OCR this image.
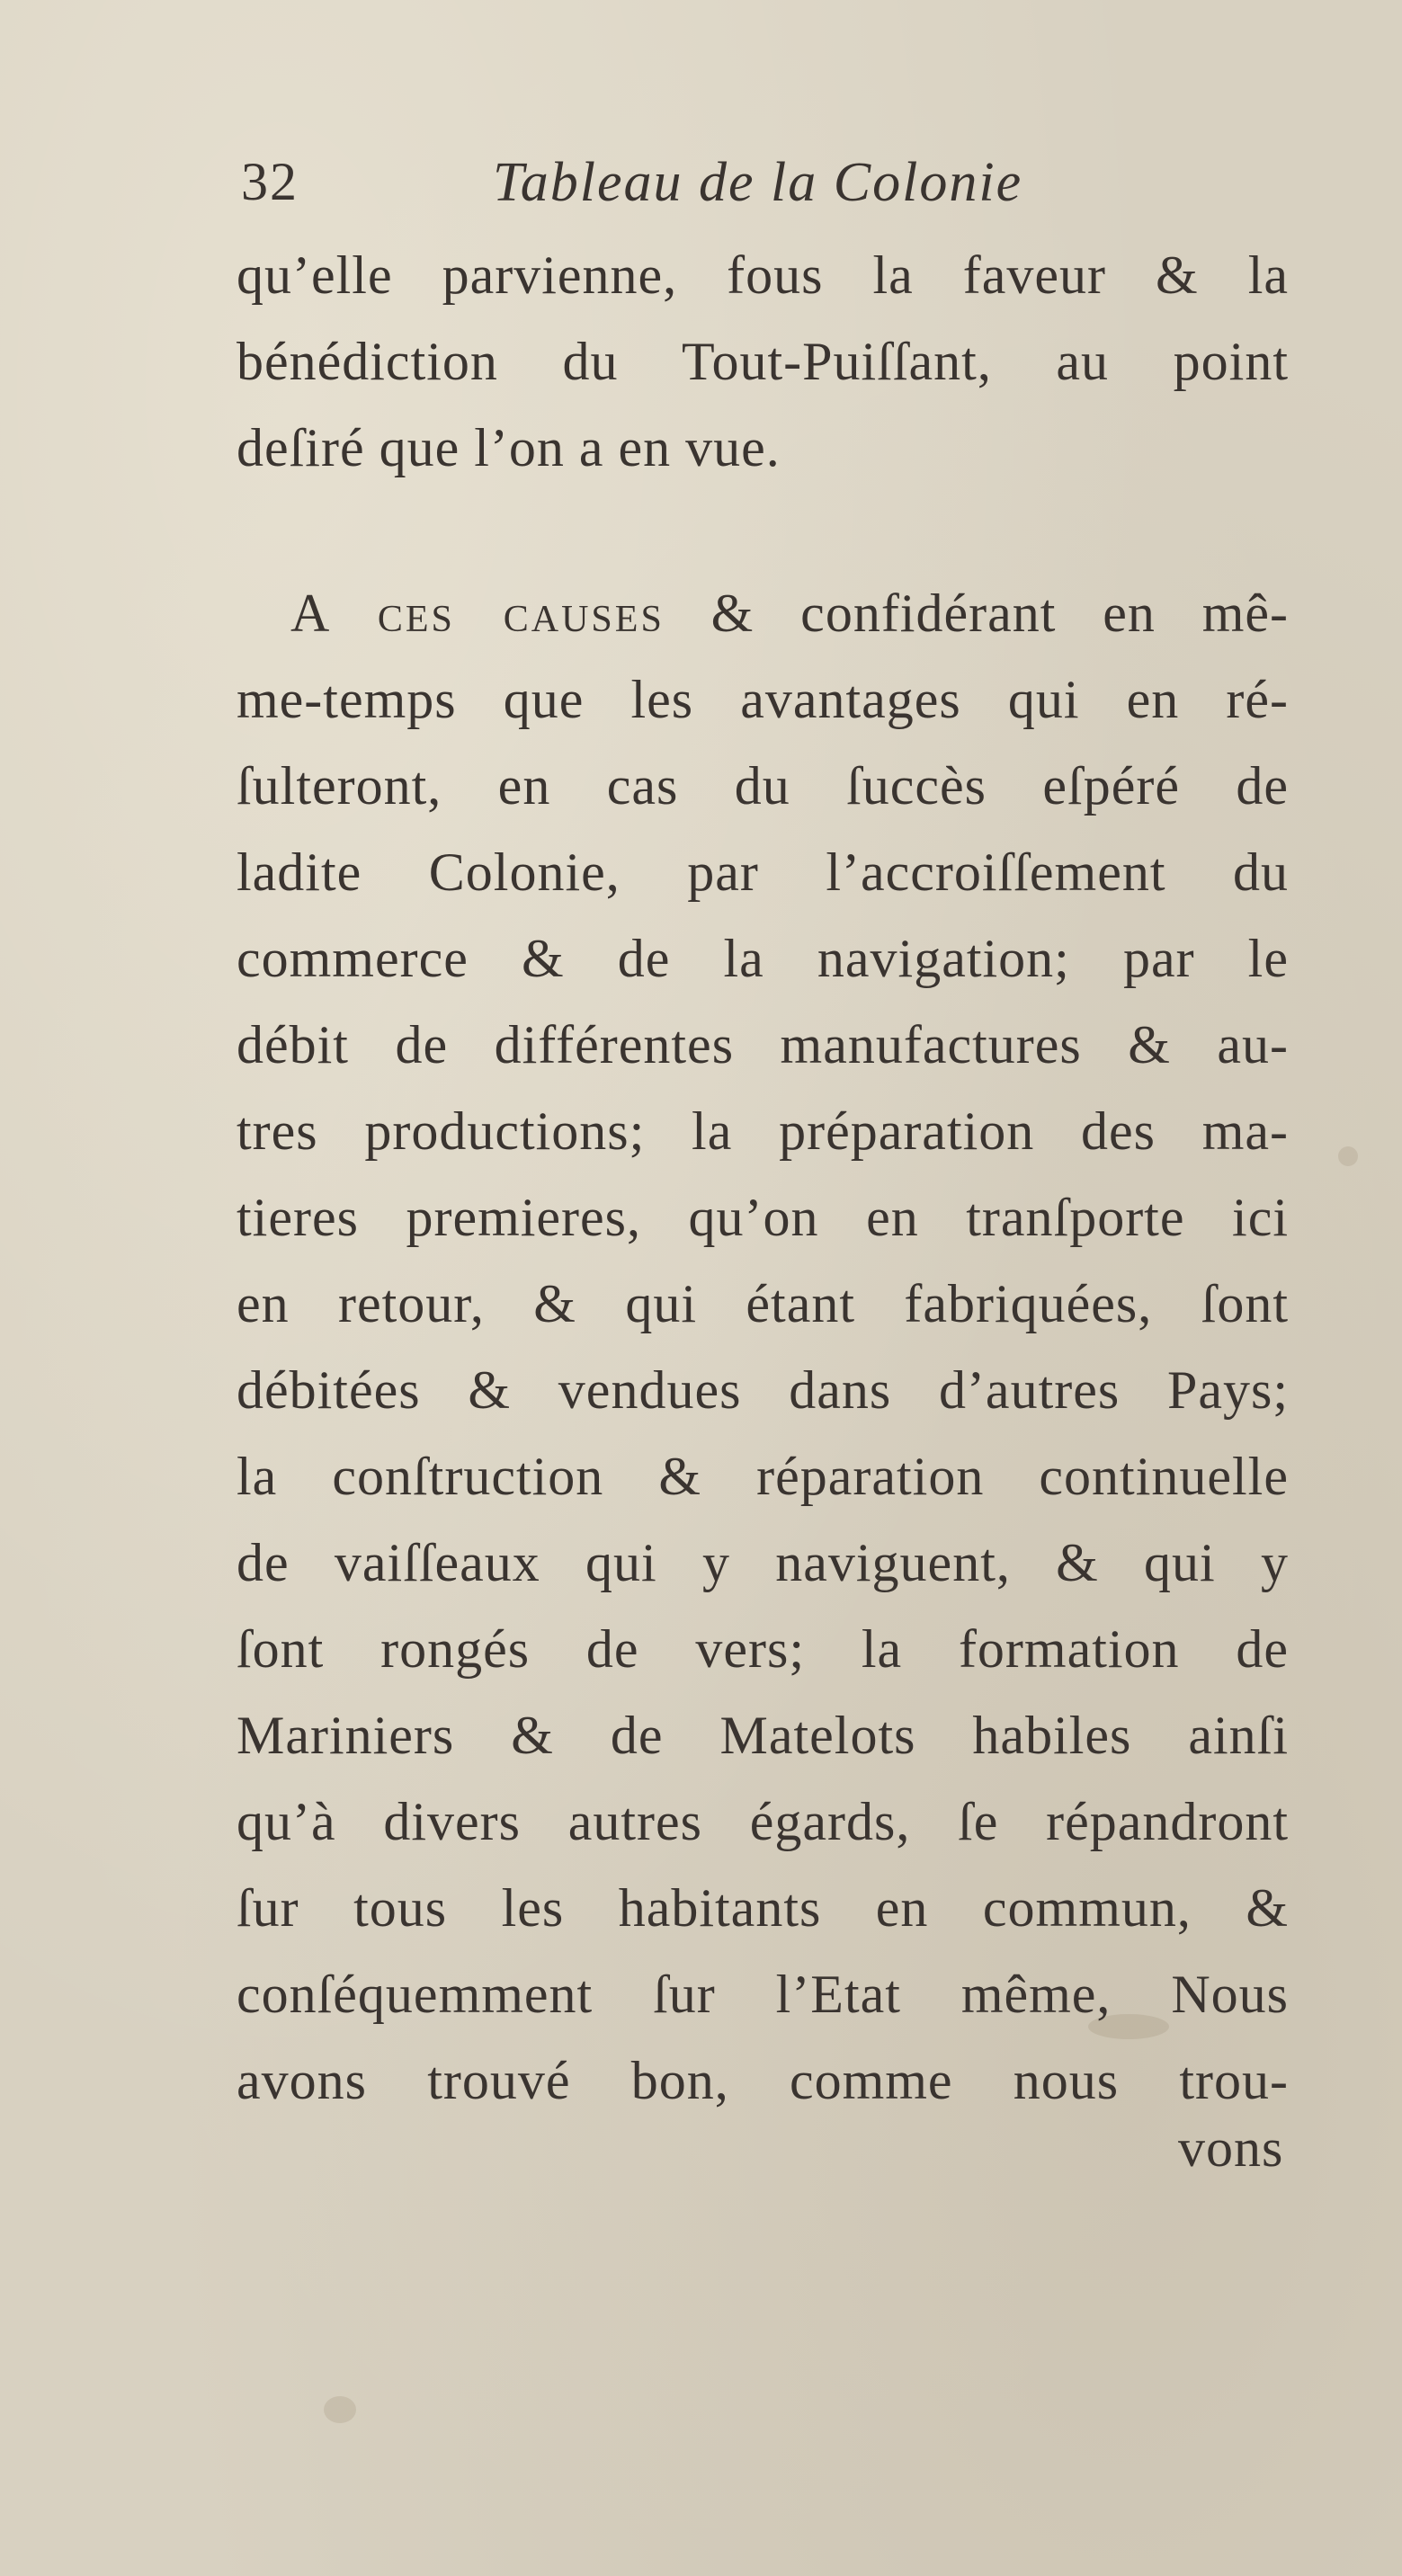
32	Tableau de la Colonie
qu’elle parvienne, fous la faveur & la
bénédiction du Tout-Puiſſant, au point
deſiré que l’on a en vue.
A ces causes & confidérant en mê-
me-temps que les avantages qui en ré-
ſulteront, en cas du ſuccès eſpéré de
ladite Colonie, par l’accroiſſement du
commerce & de la navigation; par le
débit de différentes manufactures & au-
tres productions; la préparation des ma-
tieres premieres, qu’on en tranſporte ici
en retour, & qui étant fabriquées, ſont
débitées & vendues dans d’autres Pays;
la conſtruction & réparation continuelle
de vaiſſeaux qui y naviguent, & qui y
ſont rongés de vers; la formation de
Mariniers & de Matelots habiles ainſi
qu’à divers autres égards, ſe répandront
ſur tous les habitants en commun, &
conſéquemment ſur l’Etat même, Nous
avons trouvé bon, comme nous trou-
vons
